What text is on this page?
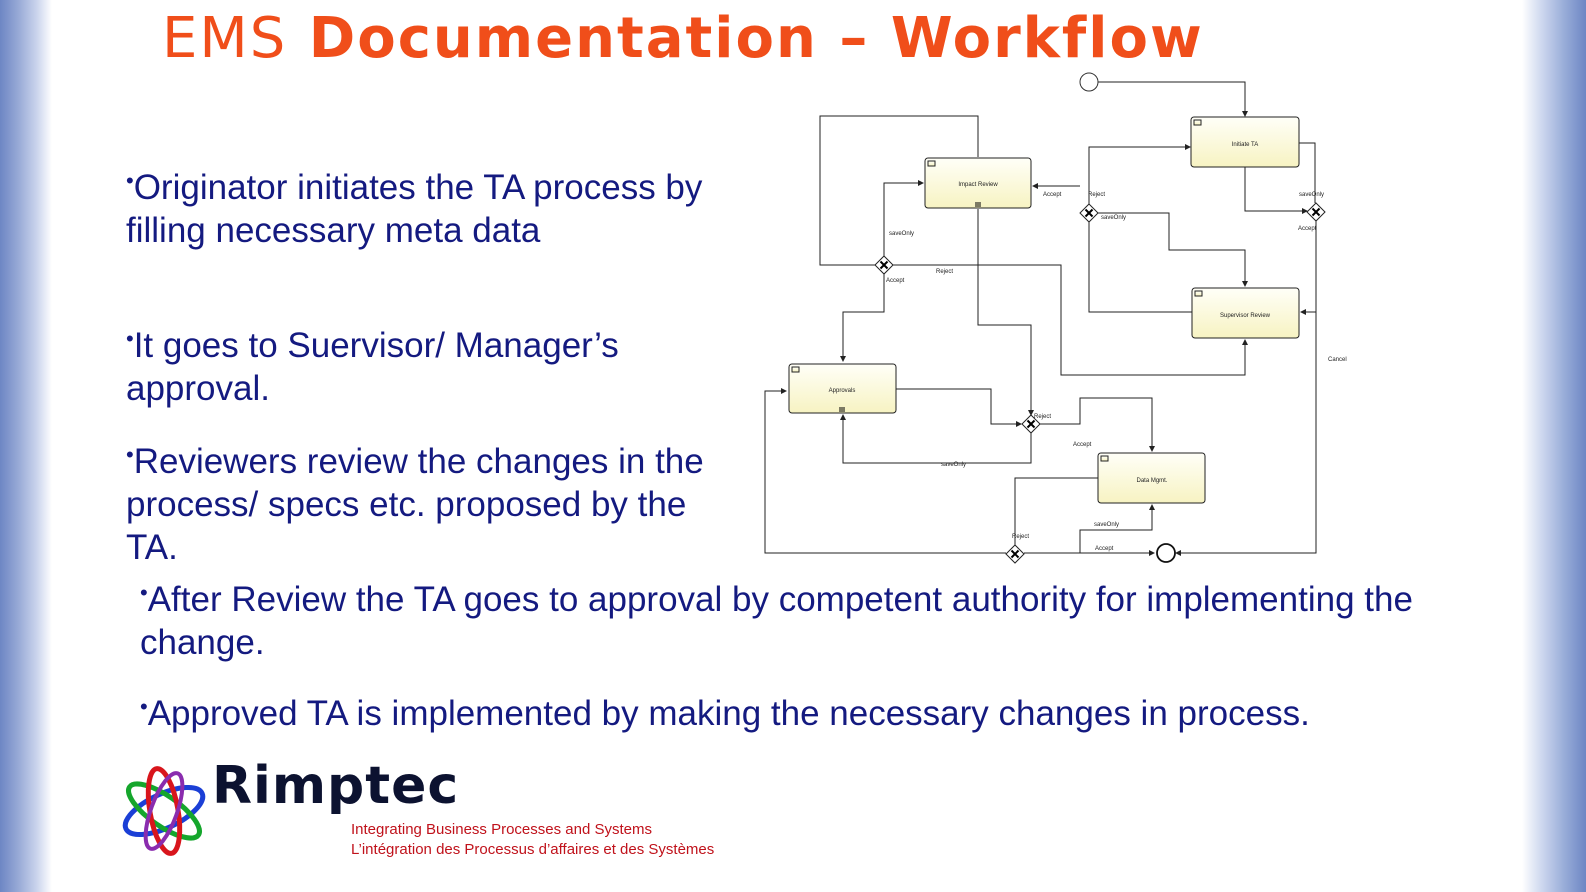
EMS Documentation – Workflow
•Originator initiates the TA process by filling necessary meta data
•It goes to Suervisor/ Manager’s approval.
•Reviewers review the changes in the process/ specs etc. proposed by the TA.
•After Review the TA goes to approval by competent authority for implementing the change.
•Approved TA is implemented by making the necessary changes in process.
Initiate TA
Impact Review
Supervisor Review
Approvals
Data Mgmt.
Accept	Reject
saveOnly
saveOnly
Accept
saveOnly
Reject
Accept
Cancel
Reject
Accept
saveOnly
saveOnly
Reject
Accept
Rimptec
Integrating Business Processes and Systems
L’intégration des Processus d’affaires et des Systèmes
